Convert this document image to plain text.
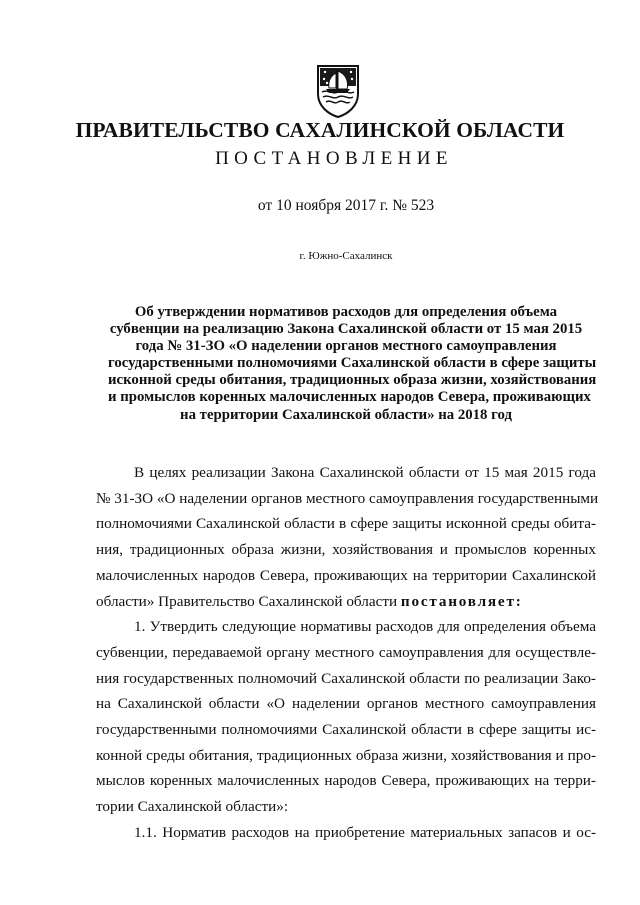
ПРАВИТЕЛЬСТВО САХАЛИНСКОЙ ОБЛАСТИ
ПОСТАНОВЛЕНИЕ
от 10 ноября 2017 г. № 523
г. Южно-Сахалинск
Об утверждении нормативов расходов для определения объема
субвенции на реализацию Закона Сахалинской области от 15 мая 2015
года № 31-ЗО «О наделении органов местного самоуправления
государственными полномочиями Сахалинской области в сфере защиты
исконной среды обитания, традиционных образа жизни, хозяйствования
и промыслов коренных малочисленных народов Севера, проживающих
на территории Сахалинской области» на 2018 год
В целях реализации Закона Сахалинской области от 15 мая 2015 года
№ 31-ЗО «О наделении органов местного самоуправления государственными
полномочиями Сахалинской области в сфере защиты исконной среды обита-
ния, традиционных образа жизни, хозяйствования и промыслов коренных
малочисленных народов Севера, проживающих на территории Сахалинской
области» Правительство Сахалинской области постановляет:
1. Утвердить следующие нормативы расходов для определения объема
субвенции, передаваемой органу местного самоуправления для осуществле-
ния государственных полномочий Сахалинской области по реализации Зако-
на Сахалинской области «О наделении органов местного самоуправления
государственными полномочиями Сахалинской области в сфере защиты ис-
конной среды обитания, традиционных образа жизни, хозяйствования и про-
мыслов коренных малочисленных народов Севера, проживающих на терри-
тории Сахалинской области»:
1.1. Норматив расходов на приобретение материальных запасов и ос-
